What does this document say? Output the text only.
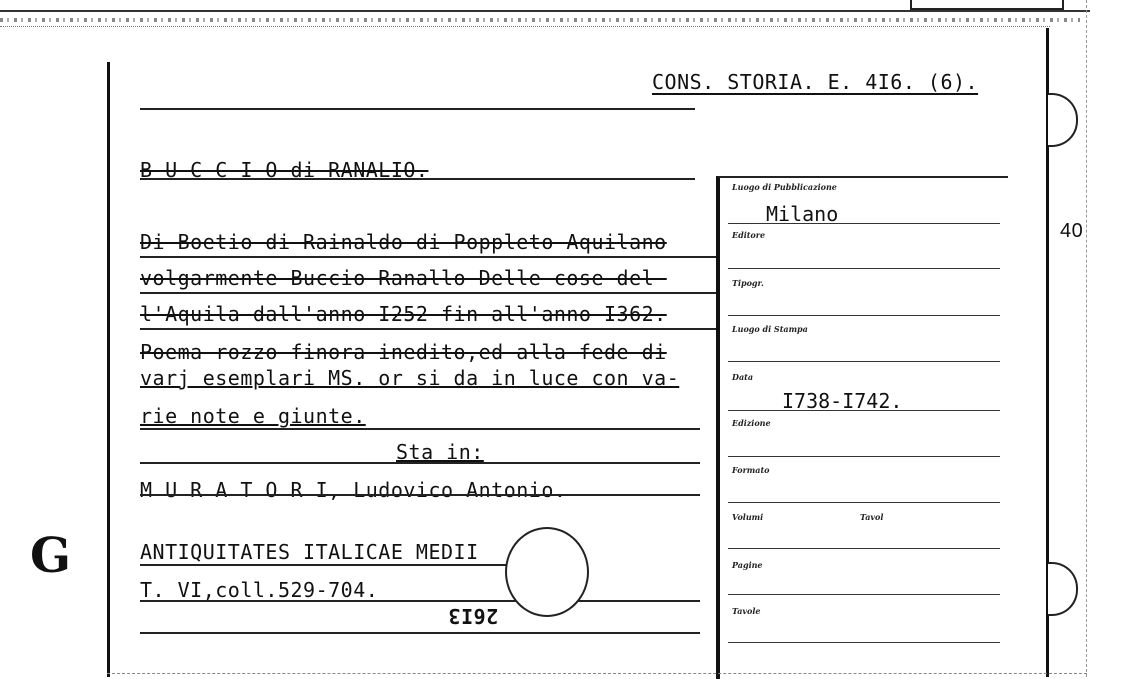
G
40
CONS. STORIA. E. 4I6. (6).
B U C C I O di RANALIO.
Di Boetio di Rainaldo di Poppleto Aquilano
volgarmente Buccio Ranallo Delle cose del-
l'Aquila dall'anno I252 fin all'anno I362.
Poema rozzo finora inedito,ed alla fede di
varj esemplari MS. or si da in luce con va-
rie note e giunte.
Sta in:
M U R A T O R I, Ludovico Antonio.
ANTIQUITATES ITALICAE MEDII
T. VI,coll.529-704.
26I3
Luogo di Pubblicazione
Milano
Editore
Tipogr.
Luogo di Stampa
Data
I738-I742.
Edizione
Formato
Volumi	Tavol
Pagine
Tavole
